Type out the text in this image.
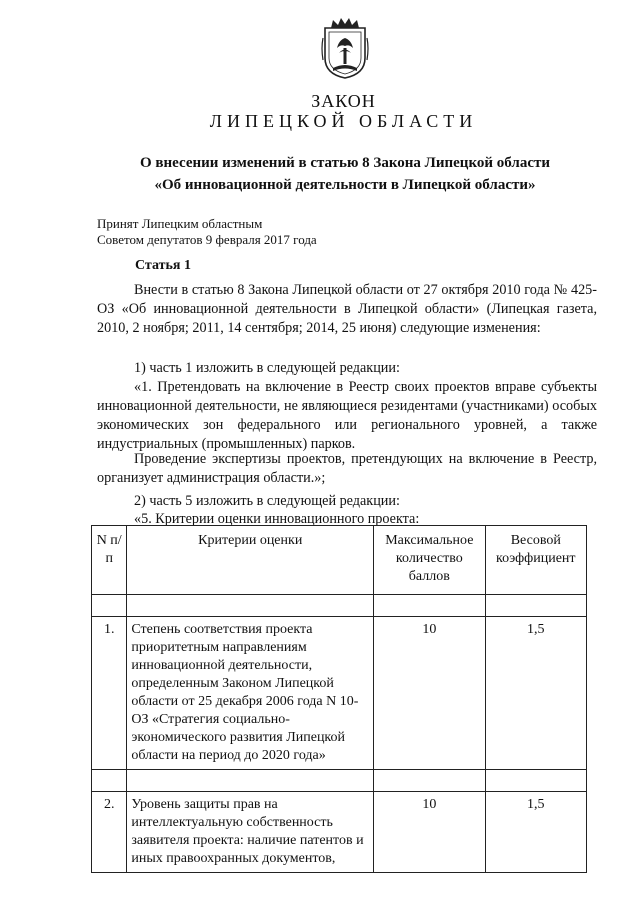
ЗАКОН
ЛИПЕЦКОЙ ОБЛАСТИ
О внесении изменений в статью 8 Закона Липецкой области
«Об инновационной деятельности в Липецкой области»
Принят Липецким областным
Советом депутатов 9 февраля 2017 года
Статья 1
Внести в статью 8 Закона Липецкой области от 27 октября 2010 года № 425-ОЗ «Об инновационной деятельности в Липецкой области» (Липецкая газета, 2010, 2 ноября; 2011, 14 сентября; 2014, 25 июня) следующие изменения:
1) часть 1 изложить в следующей редакции:
«1. Претендовать на включение в Реестр своих проектов вправе субъекты инновационной деятельности, не являющиеся резидентами (участниками) особых экономических зон федерального или регионального уровней, а также индустриальных (промышленных) парков.
Проведение экспертизы проектов, претендующих на включение в Реестр, организует администрация области.»;
2) часть 5 изложить в следующей редакции:
«5. Критерии оценки инновационного проекта:
N п/п	Критерии оценки	Максимальное количество баллов	Весовой коэффициент

1.	Степень соответствия проекта приоритетным направлениям инновационной деятельности, определенным Законом Липецкой области от 25 декабря 2006 года N 10-ОЗ «Стратегия социально-экономического развития Липецкой области на период до 2020 года»	10	1,5

2.	Уровень защиты прав на интеллектуальную собственность заявителя проекта: наличие патентов и иных правоохранных документов,	10	1,5
